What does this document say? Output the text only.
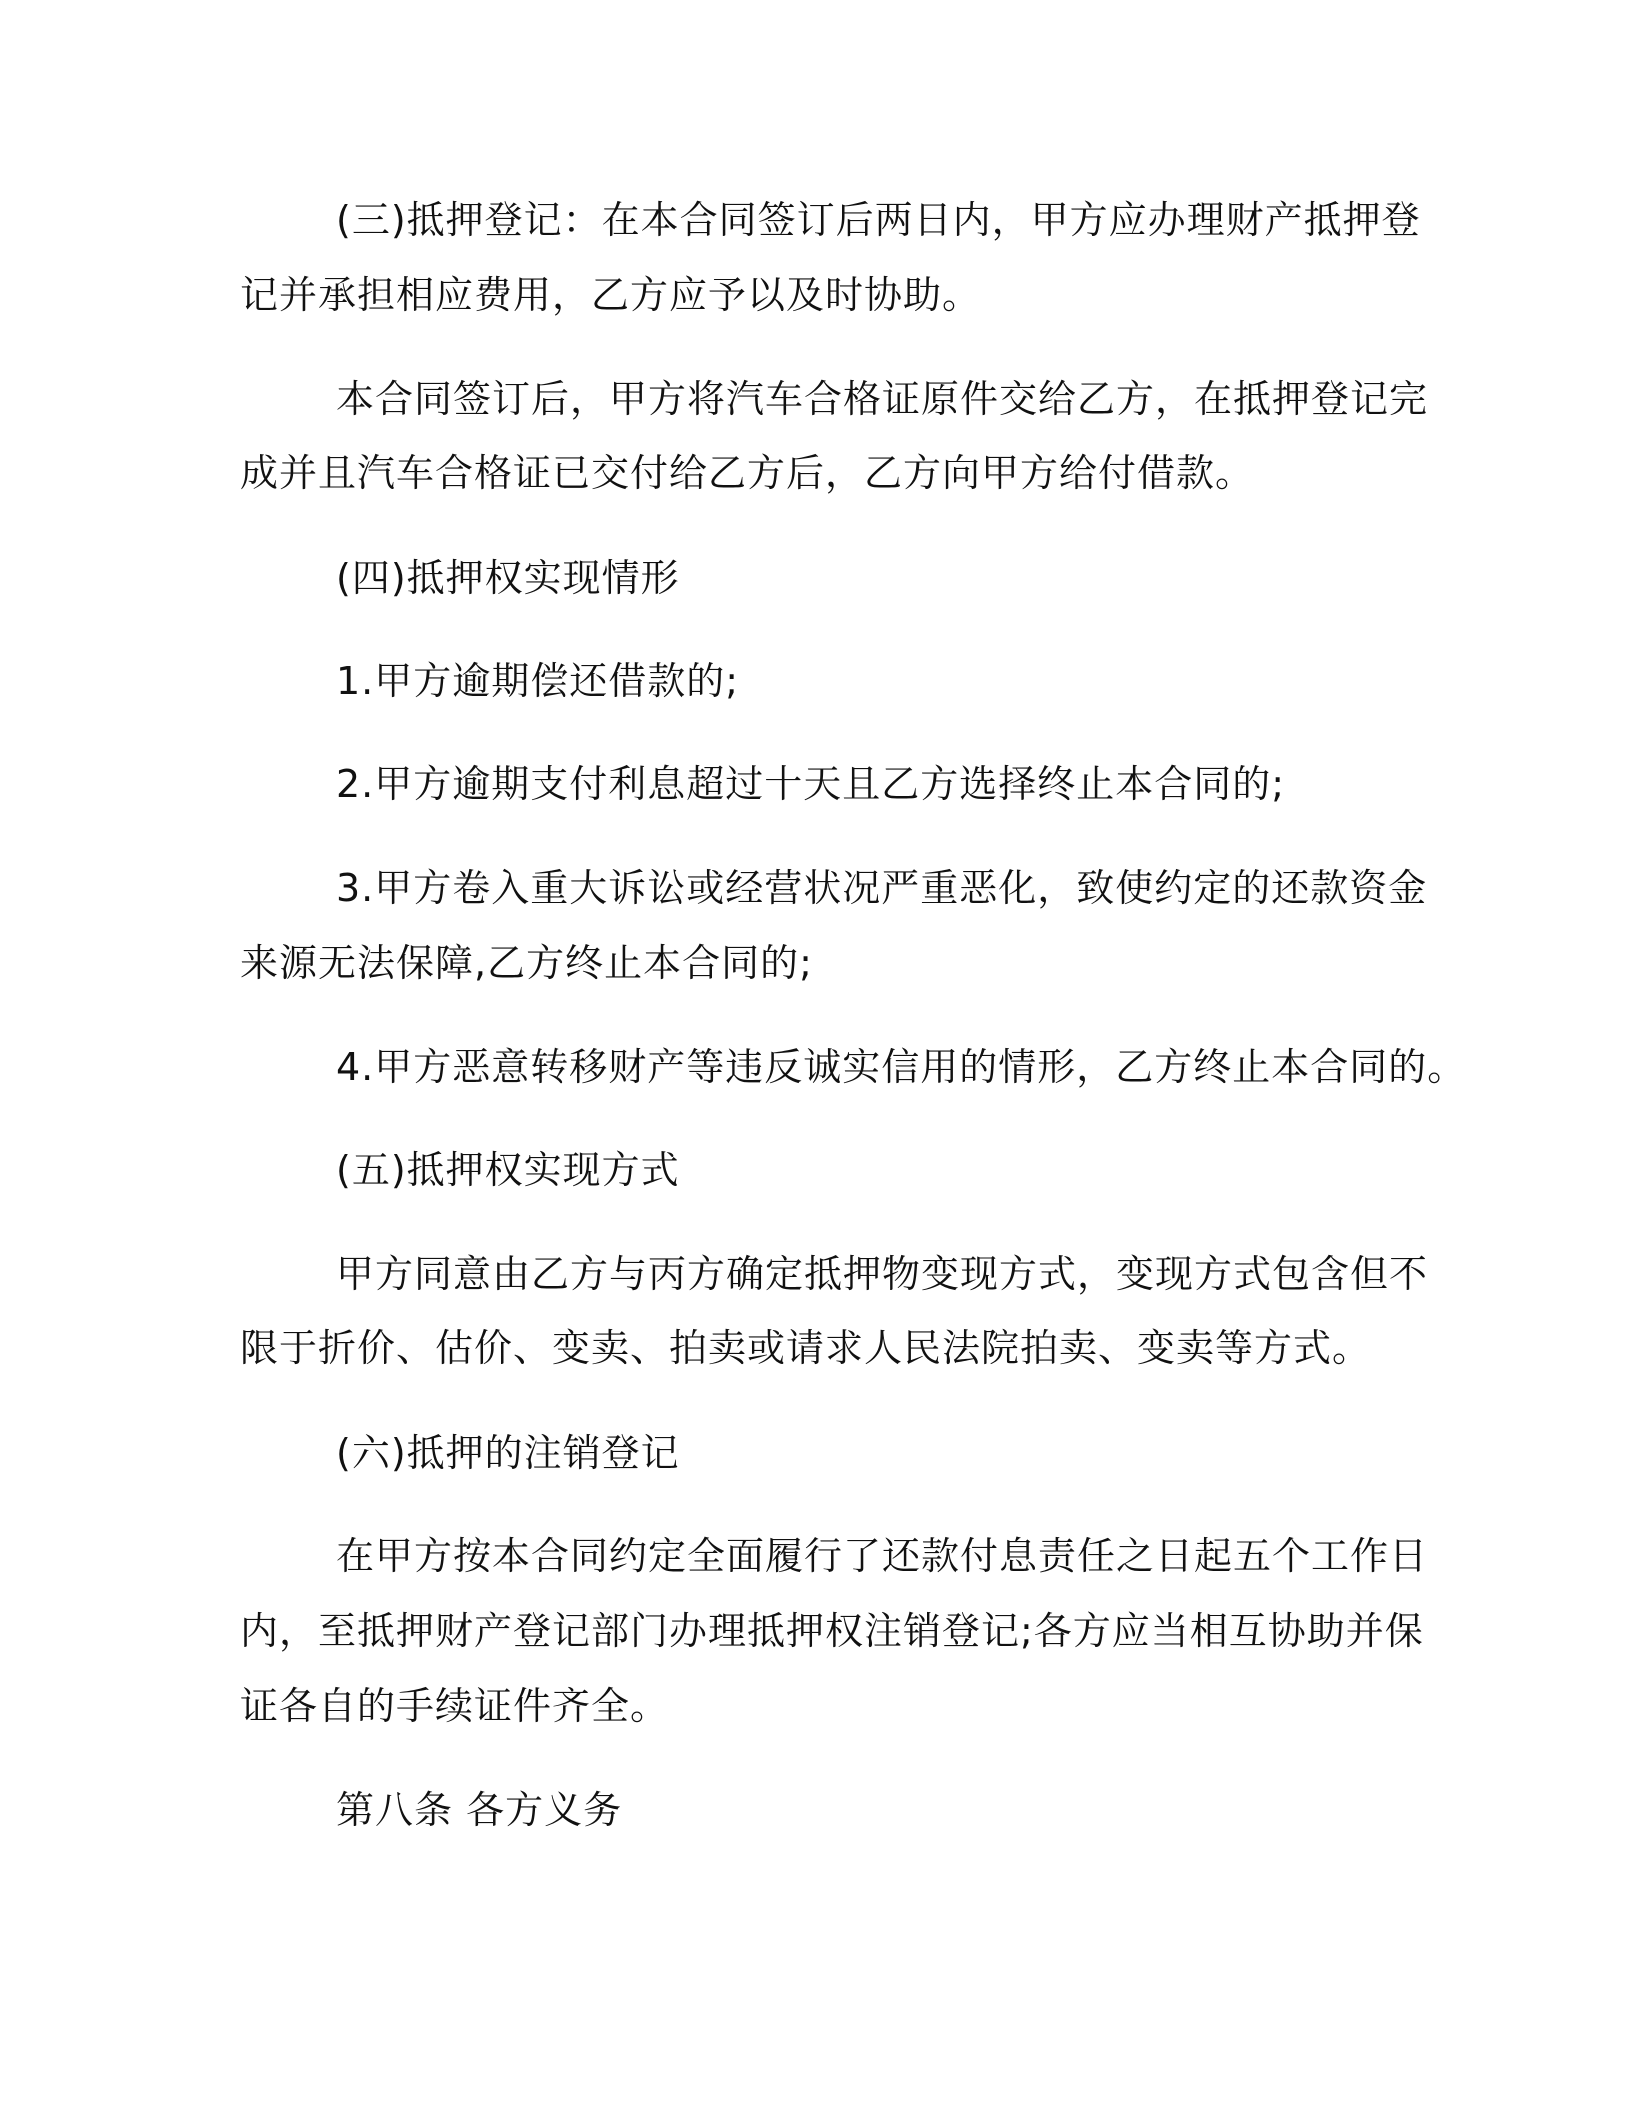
(三)抵押登记：在本合同签订后两日内，甲方应办理财产抵押登
记并承担相应费用，乙方应予以及时协助。
本合同签订后，甲方将汽车合格证原件交给乙方，在抵押登记完
成并且汽车合格证已交付给乙方后，乙方向甲方给付借款。
(四)抵押权实现情形
1.甲方逾期偿还借款的;
2.甲方逾期支付利息超过十天且乙方选择终止本合同的;
3.甲方卷入重大诉讼或经营状况严重恶化，致使约定的还款资金
来源无法保障,乙方终止本合同的;
4.甲方恶意转移财产等违反诚实信用的情形，乙方终止本合同的。
(五)抵押权实现方式
甲方同意由乙方与丙方确定抵押物变现方式，变现方式包含但不
限于折价、估价、变卖、拍卖或请求人民法院拍卖、变卖等方式。
(六)抵押的注销登记
在甲方按本合同约定全面履行了还款付息责任之日起五个工作日
内，至抵押财产登记部门办理抵押权注销登记;各方应当相互协助并保
证各自的手续证件齐全。
第八条 各方义务
